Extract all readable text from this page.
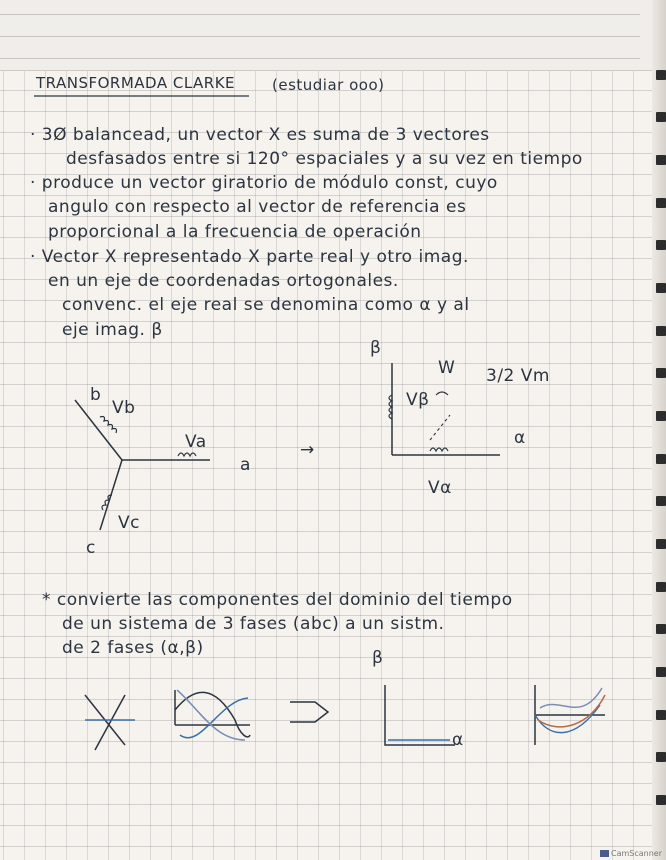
TRANSFORMADA CLARKE (estudiar ooo)
· 3Ø balancead, un vector X es suma de 3 vectores
desfasados entre si 120° espaciales y a su vez en tiempo
· produce un vector giratorio de módulo const, cuyo
angulo con respecto al vector de referencia es
proporcional a la frecuencia de operación
· Vector X representado X parte real y otro imag.
en un eje de coordenadas ortogonales.
convenc. el eje real se denomina como α y al
eje imag. β
b
Vb
Va
a
Vc
c
→
β
W 3/2 Vm
Vβ
α
Vα
* convierte las componentes del dominio del tiempo
de un sistema de 3 fases (abc) a un sistm.
de 2 fases (α,β)	β
α
CamScanner
